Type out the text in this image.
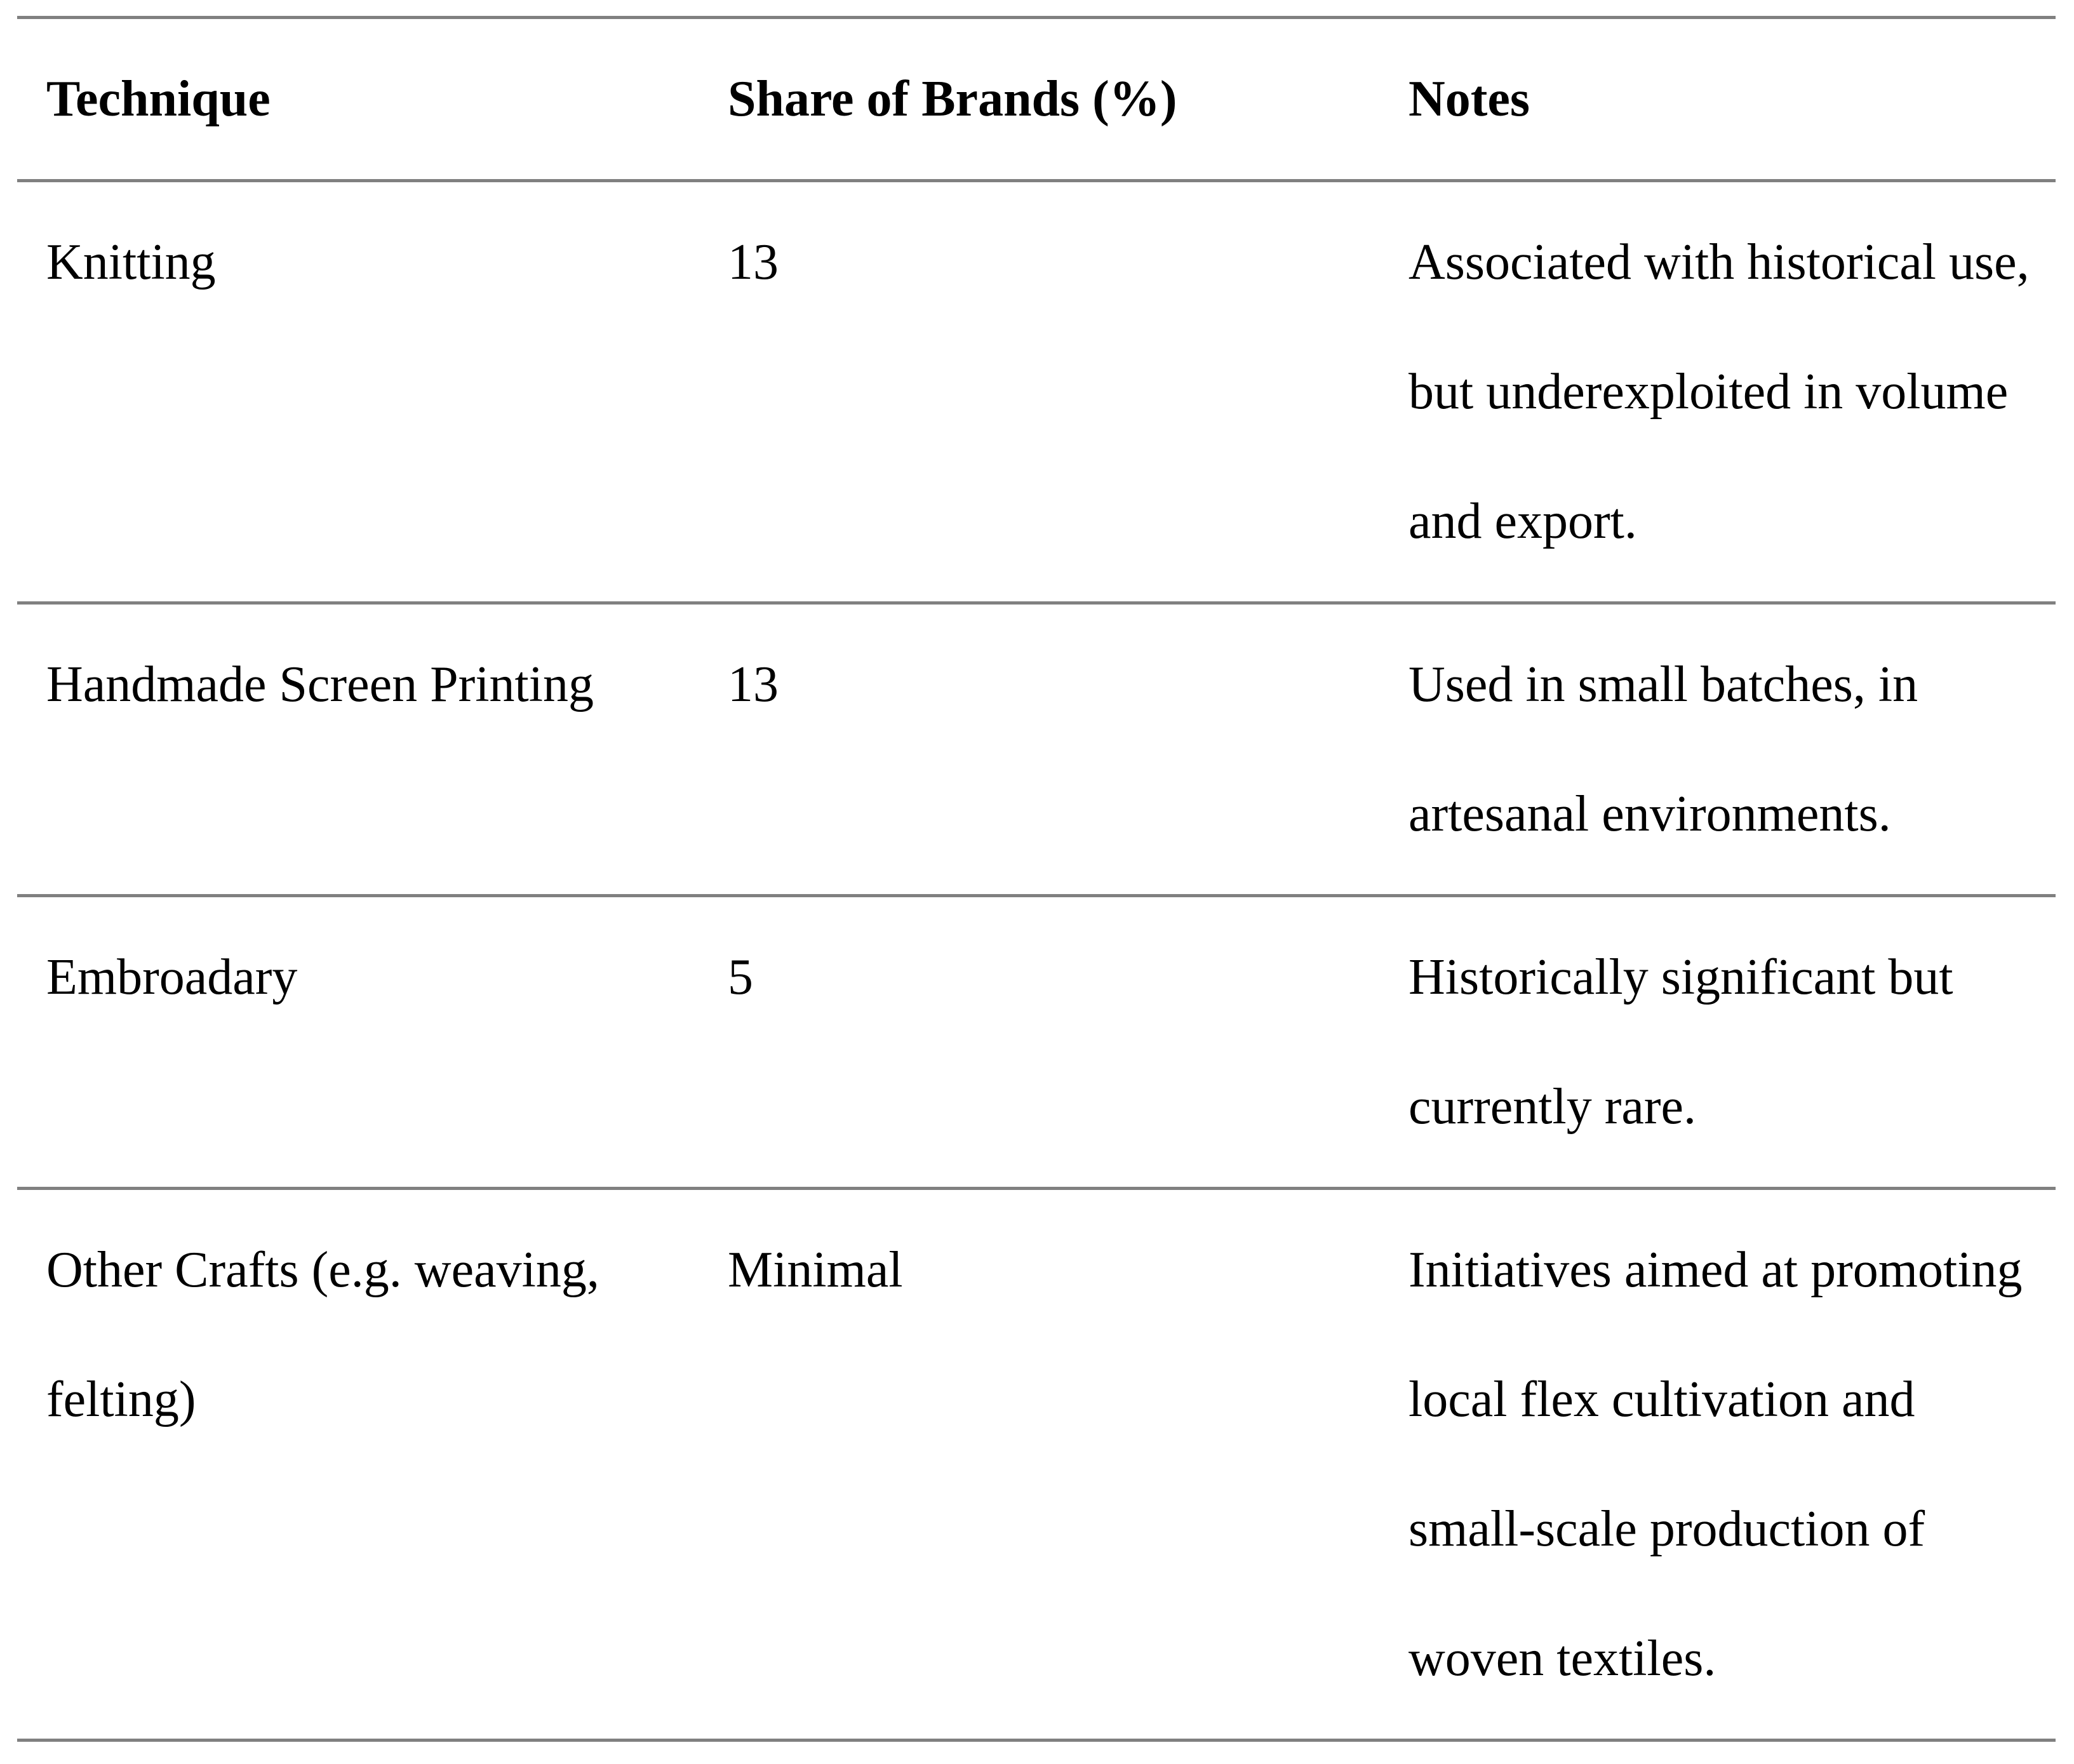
Technique	Share of Brands (%)	Notes
Knitting	13	Associated with historical use, but underexploited in volume and export.
Handmade Screen Printing	13	Used in small batches, in artesanal environments.
Embroadary	5	Historically significant but currently rare.
Other Crafts (e.g. weaving, felting)	Minimal	Initiatives aimed at promoting local flex cultivation and small-scale production of woven textiles.
